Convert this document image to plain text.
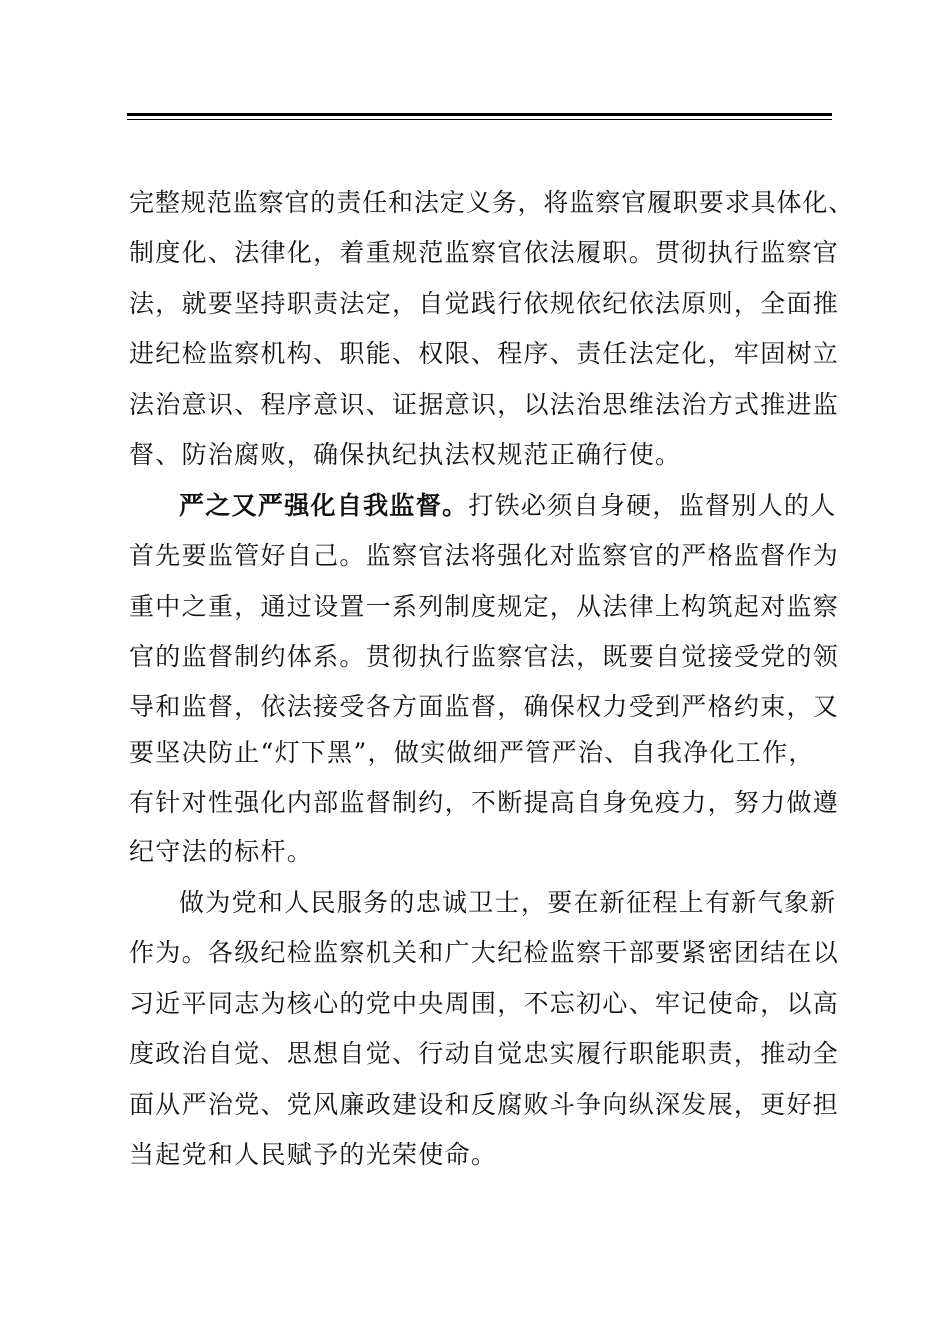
完整规范监察官的责任和法定义务，将监察官履职要求具体化、
制度化、法律化，着重规范监察官依法履职。贯彻执行监察官
法，就要坚持职责法定，自觉践行依规依纪依法原则，全面推
进纪检监察机构、职能、权限、程序、责任法定化，牢固树立
法治意识、程序意识、证据意识，以法治思维法治方式推进监
督、防治腐败，确保执纪执法权规范正确行使。
严之又严强化自我监督。打铁必须自身硬，监督别人的人
首先要监管好自己。监察官法将强化对监察官的严格监督作为
重中之重，通过设置一系列制度规定，从法律上构筑起对监察
官的监督制约体系。贯彻执行监察官法，既要自觉接受党的领
导和监督，依法接受各方面监督，确保权力受到严格约束，又
要坚决防止“灯下黑”，做实做细严管严治、自我净化工作，
有针对性强化内部监督制约，不断提高自身免疫力，努力做遵
纪守法的标杆。
做为党和人民服务的忠诚卫士，要在新征程上有新气象新
作为。各级纪检监察机关和广大纪检监察干部要紧密团结在以
习近平同志为核心的党中央周围，不忘初心、牢记使命，以高
度政治自觉、思想自觉、行动自觉忠实履行职能职责，推动全
面从严治党、党风廉政建设和反腐败斗争向纵深发展，更好担
当起党和人民赋予的光荣使命。
